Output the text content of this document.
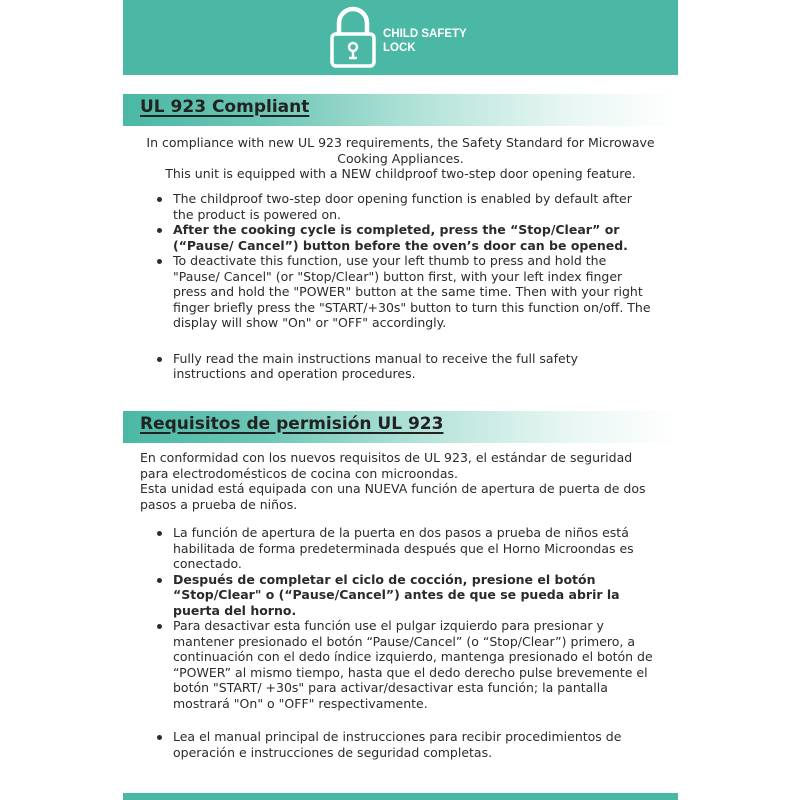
CHILD SAFETY
LOCK
UL 923 Compliant
In compliance with new UL 923 requirements, the Safety Standard for Microwave
Cooking Appliances.
This unit is equipped with a NEW childproof two-step door opening feature.
The childproof two-step door opening function is enabled by default after the product is powered on.
After the cooking cycle is completed, press the “Stop/Clear” or (“Pause/ Cancel”) button before the oven’s door can be opened.
To deactivate this function, use your left thumb to press and hold the "Pause/ Cancel" (or "Stop/Clear") button first, with your left index finger press and hold the "POWER" button at the same time. Then with your right finger briefly press the "START/+30s" button to turn this function on/off. The display will show "On" or "OFF" accordingly.
Fully read the main instructions manual to receive the full safety instructions and operation procedures.
Requisitos de permisión UL 923
En conformidad con los nuevos requisitos de UL 923, el estándar de seguridad para electrodomésticos de cocina con microondas.
Esta unidad está equipada con una NUEVA función de apertura de puerta de dos pasos a prueba de niños.
La función de apertura de la puerta en dos pasos a prueba de niños está habilitada de forma predeterminada después que el Horno Microondas es conectado.
Después de completar el ciclo de cocción, presione el botón “Stop/Clear" o (“Pause/Cancel”) antes de que se pueda abrir la puerta del horno.
Para desactivar esta función use el pulgar izquierdo para presionar y mantener presionado el botón “Pause/Cancel” (o “Stop/Clear”) primero, a continuación con el dedo índice izquierdo, mantenga presionado el botón de “POWER” al mismo tiempo, hasta que el dedo derecho pulse brevemente el botón "START/ +30s" para activar/desactivar esta función; la pantalla mostrará "On" o "OFF" respectivamente.
Lea el manual principal de instrucciones para recibir procedimientos de operación e instrucciones de seguridad completas.
